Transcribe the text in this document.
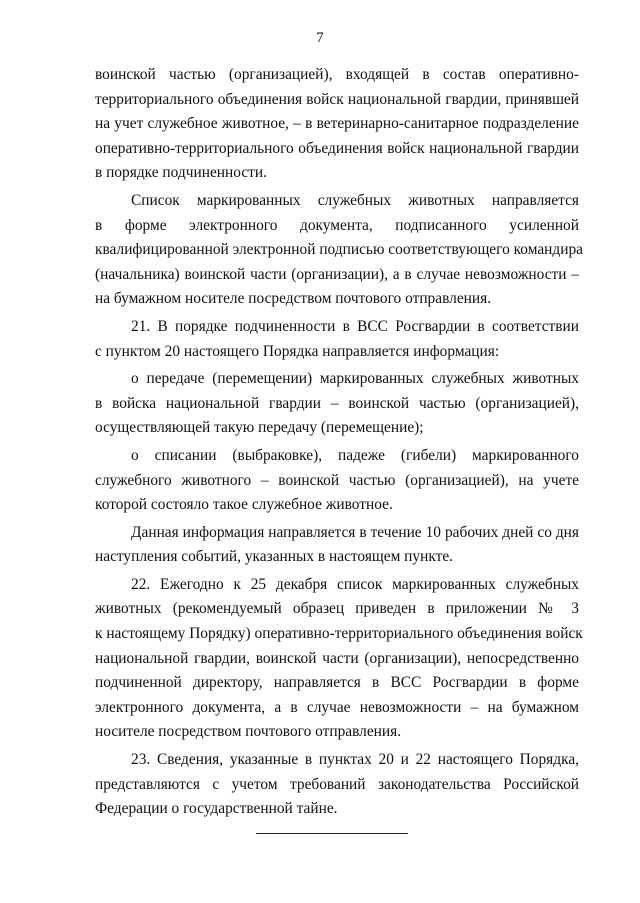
7
воинской частью (организацией), входящей в состав оперативно-
территориального объединения войск национальной гвардии, принявшей
на учет служебное животное, – в ветеринарно-санитарное подразделение
оперативно-территориального объединения войск национальной гвардии
в порядке подчиненности.
Список маркированных служебных животных направляется
в форме электронного документа, подписанного усиленной
квалифицированной электронной подписью соответствующего командира
(начальника) воинской части (организации), а в случае невозможности –
на бумажном носителе посредством почтового отправления.
21. В порядке подчиненности в ВСС Росгвардии в соответствии
с пунктом 20 настоящего Порядка направляется информация:
о передаче (перемещении) маркированных служебных животных
в войска национальной гвардии – воинской частью (организацией),
осуществляющей такую передачу (перемещение);
о списании (выбраковке), падеже (гибели) маркированного
служебного животного – воинской частью (организацией), на учете
которой состояло такое служебное животное.
Данная информация направляется в течение 10 рабочих дней со дня
наступления событий, указанных в настоящем пункте.
22. Ежегодно к 25 декабря список маркированных служебных
животных (рекомендуемый образец приведен в приложении № 3
к настоящему Порядку) оперативно-территориального объединения войск
национальной гвардии, воинской части (организации), непосредственно
подчиненной директору, направляется в ВСС Росгвардии в форме
электронного документа, а в случае невозможности – на бумажном
носителе посредством почтового отправления.
23. Сведения, указанные в пунктах 20 и 22 настоящего Порядка,
представляются с учетом требований законодательства Российской
Федерации о государственной тайне.
